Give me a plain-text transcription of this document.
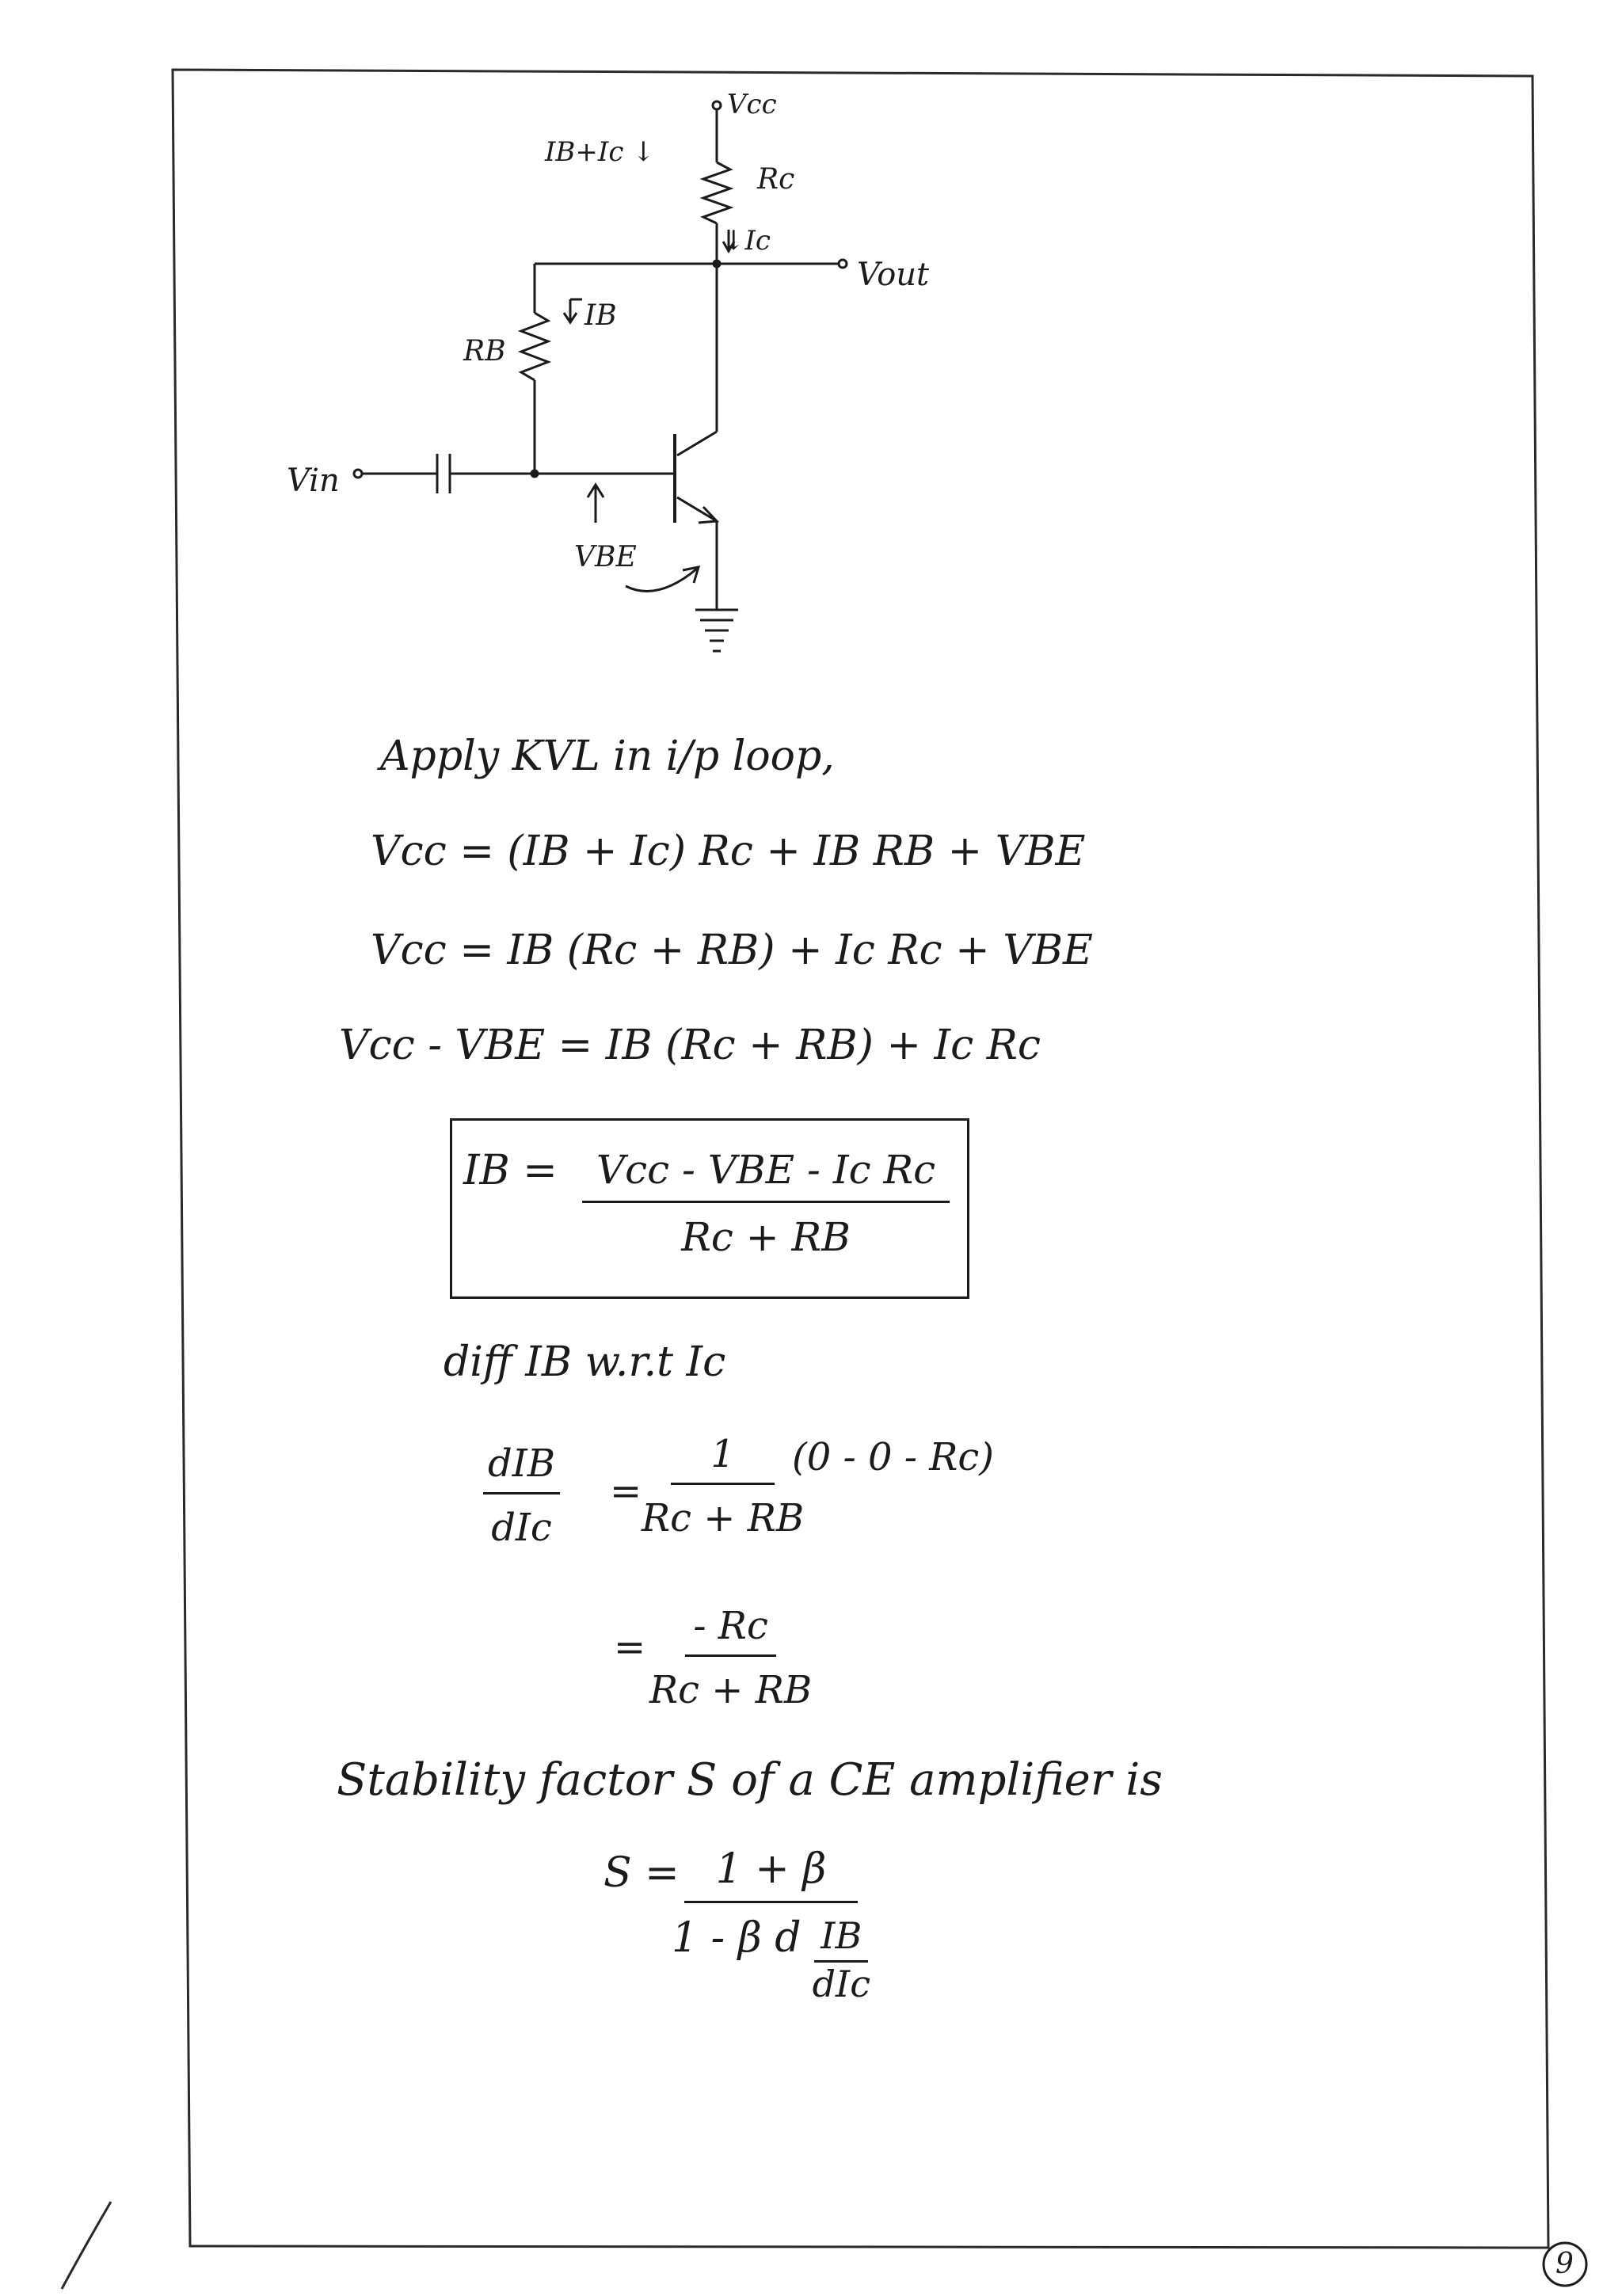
Vcc
IB+Ic ↓
Rc
↓Ic
Vout
IB
RB
Vin
VBE
Apply KVL in i/p loop,
Vcc = (IB + Ic) Rc + IB RB + VBE
Vcc = IB (Rc + RB) + Ic Rc + VBE
Vcc - VBE = IB (Rc + RB) + Ic Rc
IB = Vcc - VBE - Ic Rc
Rc + RB
diff IB w.r.t Ic
dIB
dIc
= $\frac{1}{Rc + RB}$
(0 - 0 - Rc)
= $\frac{- Rc}{Rc + RB}$
Stability factor S of a CE amplifier is
S = 1 + β
1 - β d IB
dIc
9
